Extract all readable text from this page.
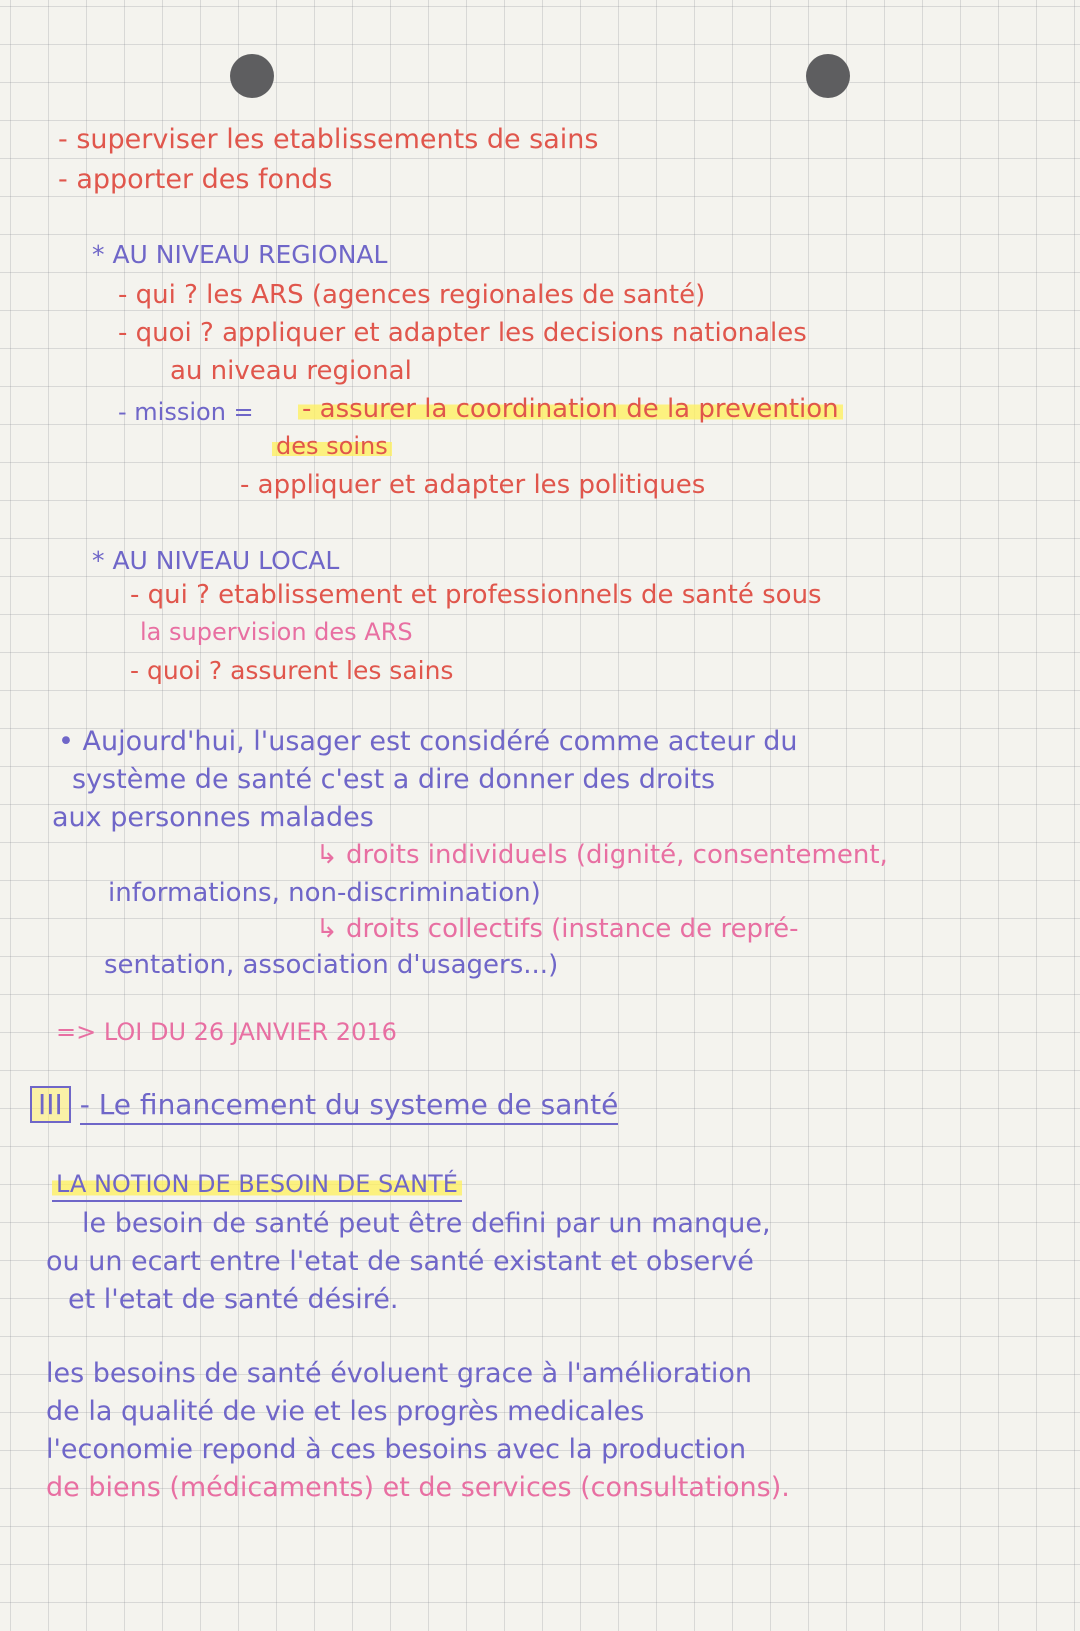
- superviser les etablissements de sains
- apporter des fonds
* AU NIVEAU REGIONAL
- qui ? les ARS (agences regionales de santé)
- quoi ? appliquer et adapter les decisions nationales
au niveau regional
- mission = - assurer la coordination de la prevention
des soins
- appliquer et adapter les politiques
* AU NIVEAU LOCAL
- qui ? etablissement et professionnels de santé sous
la supervision des ARS
- quoi ? assurent les sains
• Aujourd'hui, l'usager est considéré comme acteur du
système de santé c'est a dire donner des droits
aux personnes malades
↳ droits individuels (dignité, consentement,
informations, non-discrimination)
↳ droits collectifs (instance de repré-
sentation, association d'usagers...)
=> LOI DU 26 JANVIER 2016
III - Le financement du systeme de santé
LA NOTION DE BESOIN DE SANTÉ
le besoin de santé peut être defini par un manque,
ou un ecart entre l'etat de santé existant et observé
et l'etat de santé désiré.
les besoins de santé évoluent grace à l'amélioration
de la qualité de vie et les progrès medicales
l'economie repond à ces besoins avec la production
de biens (médicaments) et de services (consultations).
